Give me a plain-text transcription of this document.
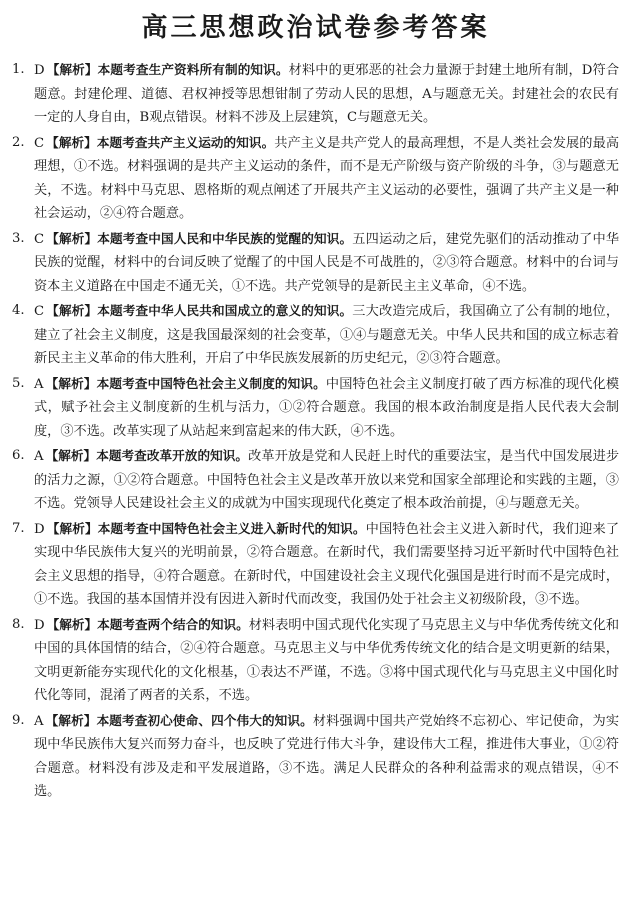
高三思想政治试卷参考答案
1. D 【解析】本题考查生产资料所有制的知识。材料中的更邪恶的社会力量源于封建土地所有制，D符合题意。封建伦理、道德、君权神授等思想钳制了劳动人民的思想，A与题意无关。封建社会的农民有一定的人身自由，B观点错误。材料不涉及上层建筑，C与题意无关。
2. C 【解析】本题考查共产主义运动的知识。共产主义是共产党人的最高理想，不是人类社会发展的最高理想，①不选。材料强调的是共产主义运动的条件，而不是无产阶级与资产阶级的斗争，③与题意无关，不选。材料中马克思、恩格斯的观点阐述了开展共产主义运动的必要性，强调了共产主义是一种社会运动，②④符合题意。
3. C 【解析】本题考查中国人民和中华民族的觉醒的知识。五四运动之后，建党先驱们的活动推动了中华民族的觉醒，材料中的台词反映了觉醒了的中国人民是不可战胜的，②③符合题意。材料中的台词与资本主义道路在中国走不通无关，①不选。共产党领导的是新民主主义革命，④不选。
4. C 【解析】本题考查中华人民共和国成立的意义的知识。三大改造完成后，我国确立了公有制的地位，建立了社会主义制度，这是我国最深刻的社会变革，①④与题意无关。中华人民共和国的成立标志着新民主主义革命的伟大胜利，开启了中华民族发展新的历史纪元，②③符合题意。
5. A 【解析】本题考查中国特色社会主义制度的知识。中国特色社会主义制度打破了西方标准的现代化模式，赋予社会主义制度新的生机与活力，①②符合题意。我国的根本政治制度是指人民代表大会制度，③不选。改革实现了从站起来到富起来的伟大跃，④不选。
6. A 【解析】本题考查改革开放的知识。改革开放是党和人民赶上时代的重要法宝，是当代中国发展进步的活力之源，①②符合题意。中国特色社会主义是改革开放以来党和国家全部理论和实践的主题，③不选。党领导人民建设社会主义的成就为中国实现现代化奠定了根本政治前提，④与题意无关。
7. D 【解析】本题考查中国特色社会主义进入新时代的知识。中国特色社会主义进入新时代，我们迎来了实现中华民族伟大复兴的光明前景，②符合题意。在新时代，我们需要坚持习近平新时代中国特色社会主义思想的指导，④符合题意。在新时代，中国建设社会主义现代化强国是进行时而不是完成时，①不选。我国的基本国情并没有因进入新时代而改变，我国仍处于社会主义初级阶段，③不选。
8. D 【解析】本题考查两个结合的知识。材料表明中国式现代化实现了马克思主义与中华优秀传统文化和中国的具体国情的结合，②④符合题意。马克思主义与中华优秀传统文化的结合是文明更新的结果，文明更新能夯实现代化的文化根基，①表达不严谨，不选。③将中国式现代化与马克思主义中国化时代化等同，混淆了两者的关系，不选。
9. A 【解析】本题考查初心使命、四个伟大的知识。材料强调中国共产党始终不忘初心、牢记使命，为实现中华民族伟大复兴而努力奋斗，也反映了党进行伟大斗争，建设伟大工程，推进伟大事业，①②符合题意。材料没有涉及走和平发展道路，③不选。满足人民群众的各种利益需求的观点错误，④不选。
